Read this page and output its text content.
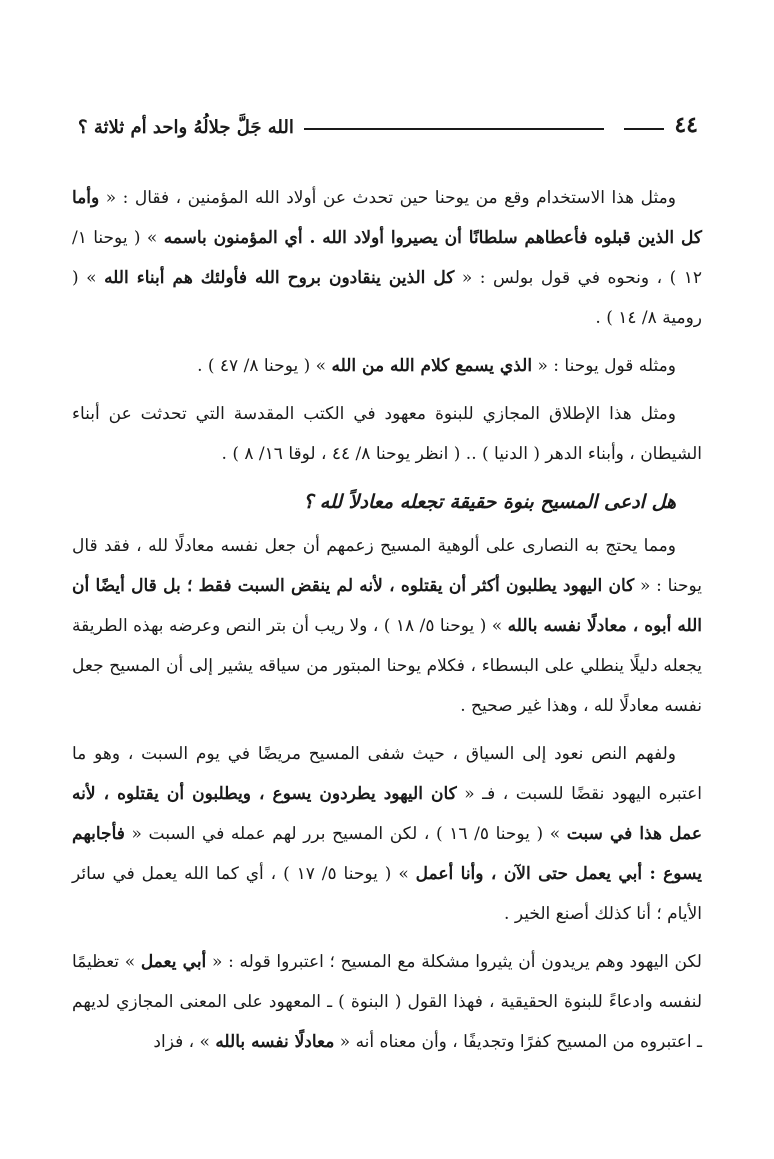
٤٤
الله جَلَّ جلالُهُ واحد أم ثلاثة ؟

ومثل هذا الاستخدام وقع من يوحنا حين تحدث عن أولاد الله المؤمنين ، فقال : « وأما كل الذين قبلوه فأعطاهم سلطانًا أن يصيروا أولاد الله . أي المؤمنون باسمه » ( يوحنا ١/ ١٢ ) ، ونحوه في قول بولس : « كل الذين ينقادون بروح الله فأولئك هم أبناء الله » ( رومية ٨/ ١٤ ) .

ومثله قول يوحنا : « الذي يسمع كلام الله من الله » ( يوحنا ٨/ ٤٧ ) .

ومثل هذا الإطلاق المجازي للبنوة معهود في الكتب المقدسة التي تحدثت عن أبناء الشيطان ، وأبناء الدهر ( الدنيا ) .. ( انظر يوحنا ٨/ ٤٤ ، لوقا ١٦/ ٨ ) .

هل ادعى المسيح بنوة حقيقة تجعله معادلاً لله ؟

ومما يحتج به النصارى على ألوهية المسيح زعمهم أن جعل نفسه معادلًا لله ، فقد قال يوحنا : « كان اليهود يطلبون أكثر أن يقتلوه ، لأنه لم ينقض السبت فقط ؛ بل قال أيضًا أن الله أبوه ، معادلًا نفسه بالله » ( يوحنا ٥/ ١٨ ) ، ولا ريب أن بتر النص وعرضه بهذه الطريقة يجعله دليلًا ينطلي على البسطاء ، فكلام يوحنا المبتور من سياقه يشير إلى أن المسيح جعل نفسه معادلًا لله ، وهذا غير صحيح .

ولفهم النص نعود إلى السياق ، حيث شفى المسيح مريضًا في يوم السبت ، وهو ما اعتبره اليهود نقضًا للسبت ، فـ « كان اليهود يطردون يسوع ، ويطلبون أن يقتلوه ، لأنه عمل هذا في سبت » ( يوحنا ٥/ ١٦ ) ، لكن المسيح برر لهم عمله في السبت « فأجابهم يسوع : أبي يعمل حتى الآن ، وأنا أعمل » ( يوحنا ٥/ ١٧ ) ، أي كما الله يعمل في سائر الأيام ؛ أنا كذلك أصنع الخير .

لكن اليهود وهم يريدون أن يثيروا مشكلة مع المسيح ؛ اعتبروا قوله : « أبي يعمل » تعظيمًا لنفسه وادعاءً للبنوة الحقيقية ، فهذا القول ( البنوة ) ـ المعهود على المعنى المجازي لديهم ـ اعتبروه من المسيح كفرًا وتجديفًا ، وأن معناه أنه « معادلًا نفسه بالله » ، فزاد
